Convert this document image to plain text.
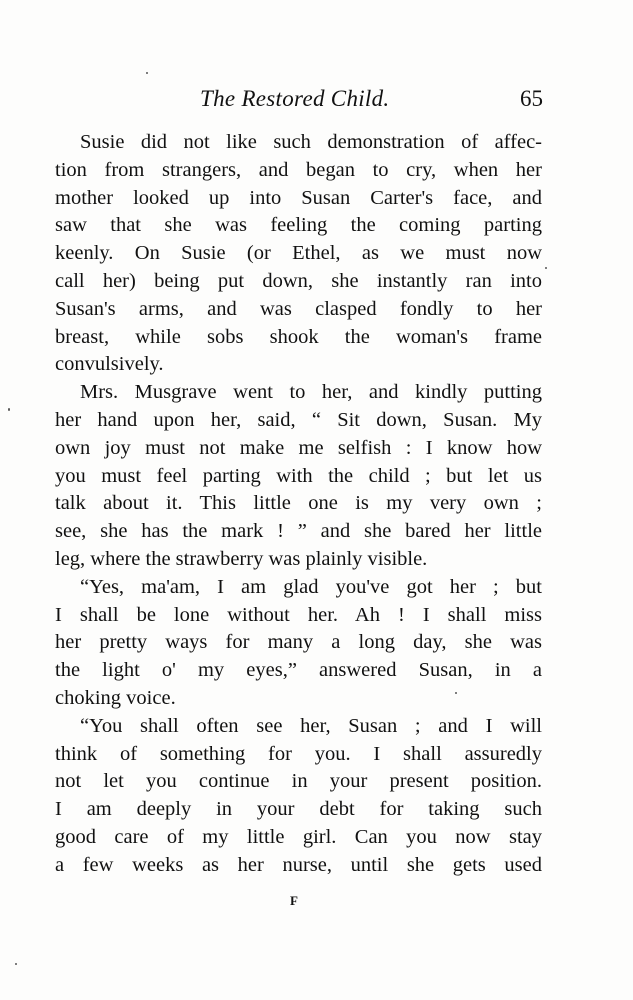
The Restored Child.	65
Susie did not like such demonstration of affec-
tion from strangers, and began to cry, when her
mother looked up into Susan Carter's face, and
saw that she was feeling the coming parting
keenly. On Susie (or Ethel, as we must now
call her) being put down, she instantly ran into
Susan's arms, and was clasped fondly to her
breast, while sobs shook the woman's frame
convulsively.
Mrs. Musgrave went to her, and kindly putting
her hand upon her, said, “ Sit down, Susan. My
own joy must not make me selfish : I know how
you must feel parting with the child ; but let us
talk about it. This little one is my very own ;
see, she has the mark ! ” and she bared her little
leg, where the strawberry was plainly visible.
“Yes, ma'am, I am glad you've got her ; but
I shall be lone without her. Ah ! I shall miss
her pretty ways for many a long day, she was
the light o' my eyes,” answered Susan, in a
choking voice.
“You shall often see her, Susan ; and I will
think of something for you. I shall assuredly
not let you continue in your present position.
I am deeply in your debt for taking such
good care of my little girl. Can you now stay
a few weeks as her nurse, until she gets used
F
